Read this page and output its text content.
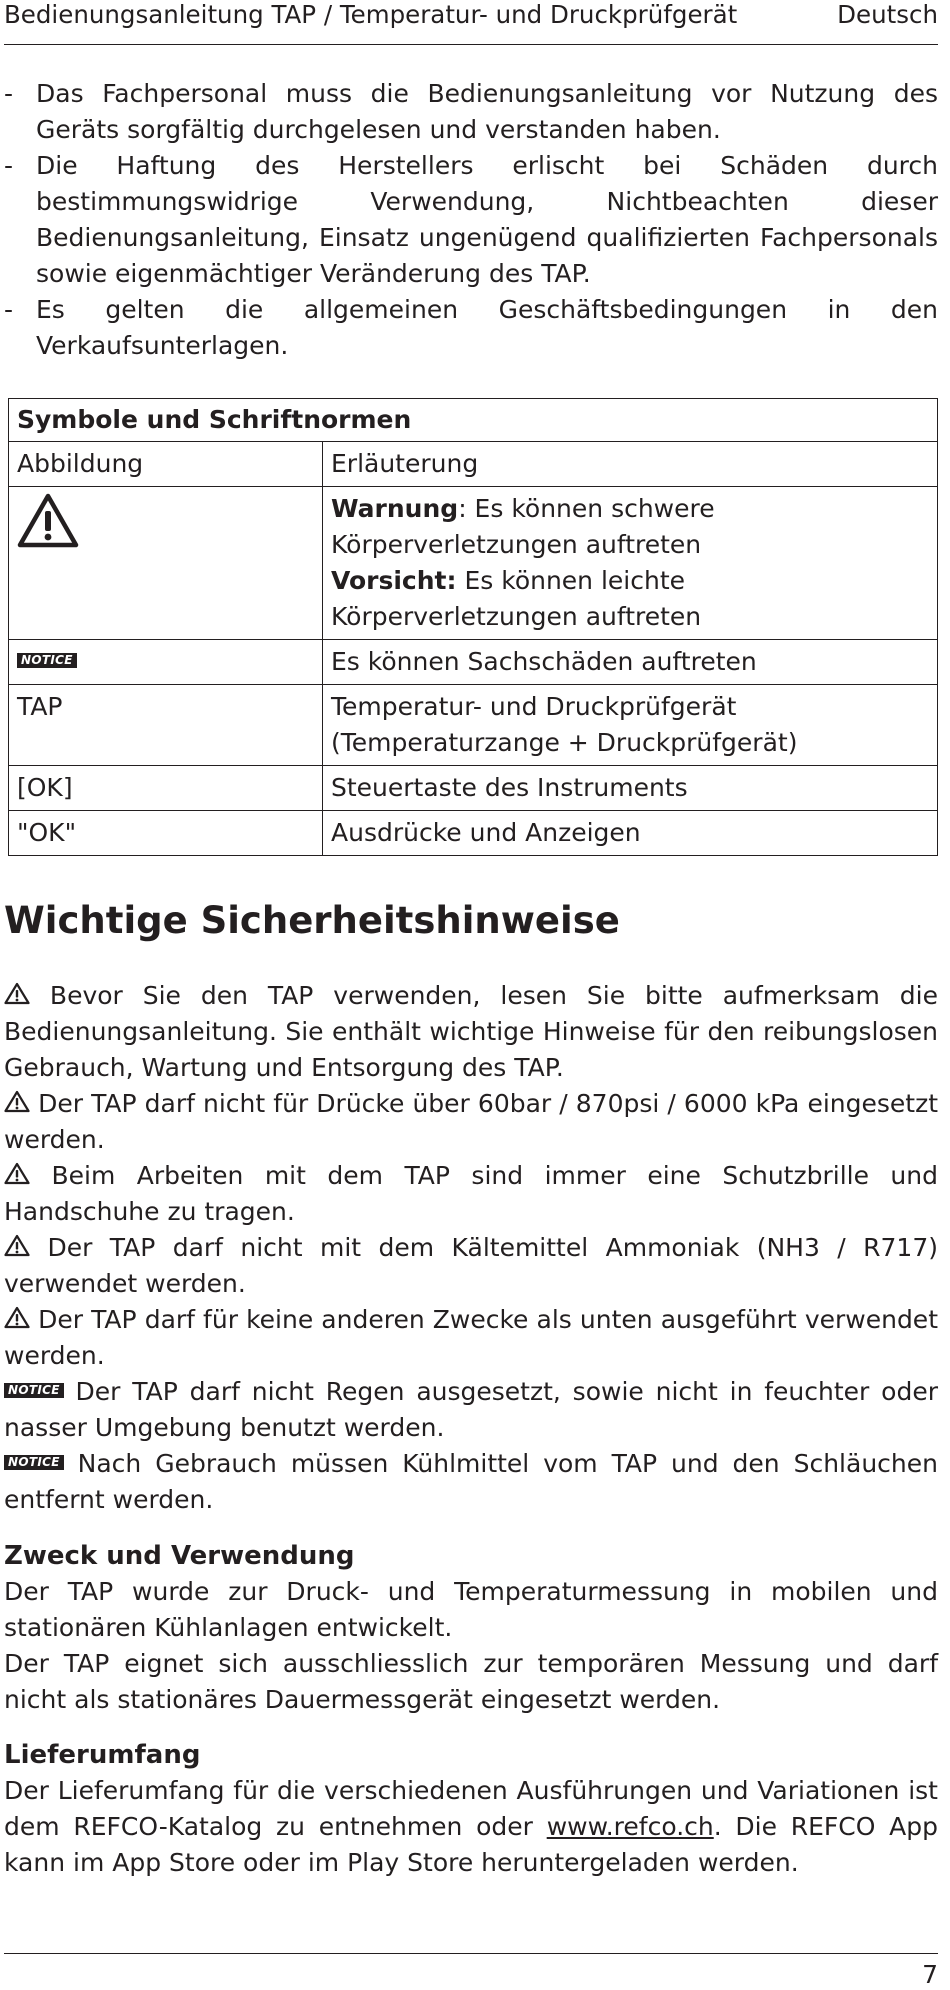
Bedienungsanleitung TAP / Temperatur- und Druckprüfgerät	Deutsch
- Das Fachpersonal muss die Bedienungsanleitung vor Nutzung des Geräts sorgfältig durchgelesen und verstanden haben.
- Die Haftung des Herstellers erlischt bei Schäden durch bestimmungswidrige Verwendung, Nichtbeachten dieser Bedienungsanleitung, Einsatz ungenügend qualifizierten Fachpersonals sowie eigenmächtiger Veränderung des TAP.
- Es gelten die allgemeinen Geschäftsbedingungen in den Verkaufsunterlagen.
Symbole und Schriftnormen	
Abbildung	Erläuterung

	Warnung: Es können schwere Körperverletzungen auftreten
Vorsicht: Es können leichte Körperverletzungen auftreten
NOTICE	Es können Sachschäden auftreten
TAP	Temperatur- und Druckprüfgerät (Temperaturzange + Druckprüfgerät)
[OK]	Steuertaste des Instruments
"OK"	Ausdrücke und Anzeigen
Wichtige Sicherheitshinweise

Bevor Sie den TAP verwenden, lesen Sie bitte aufmerksam die Bedienungsanleitung. Sie enthält wichtige Hinweise für den reibungslosen Gebrauch, Wartung und Entsorgung des TAP.

Der TAP darf nicht für Drücke über 60bar / 870psi / 6000 kPa eingesetzt werden.

Beim Arbeiten mit dem TAP sind immer eine Schutzbrille und Handschuhe zu tragen.

Der TAP darf nicht mit dem Kältemittel Ammoniak (NH3 / R717) verwendet werden.

Der TAP darf für keine anderen Zwecke als unten ausgeführt verwendet werden.

NOTICE Der TAP darf nicht Regen ausgesetzt, sowie nicht in feuchter oder nasser Umgebung benutzt werden.

NOTICE Nach Gebrauch müssen Kühlmittel vom TAP und den Schläuchen entfernt werden.

Zweck und Verwendung

Der TAP wurde zur Druck- und Temperaturmessung in mobilen und stationären Kühlanlagen entwickelt.

Der TAP eignet sich ausschliesslich zur temporären Messung und darf nicht als stationäres Dauermessgerät eingesetzt werden.

Lieferumfang

Der Lieferumfang für die verschiedenen Ausführungen und Variationen ist dem REFCO-Katalog zu entnehmen oder www.refco.ch. Die REFCO App kann im App Store oder im Play Store heruntergeladen werden.

7
